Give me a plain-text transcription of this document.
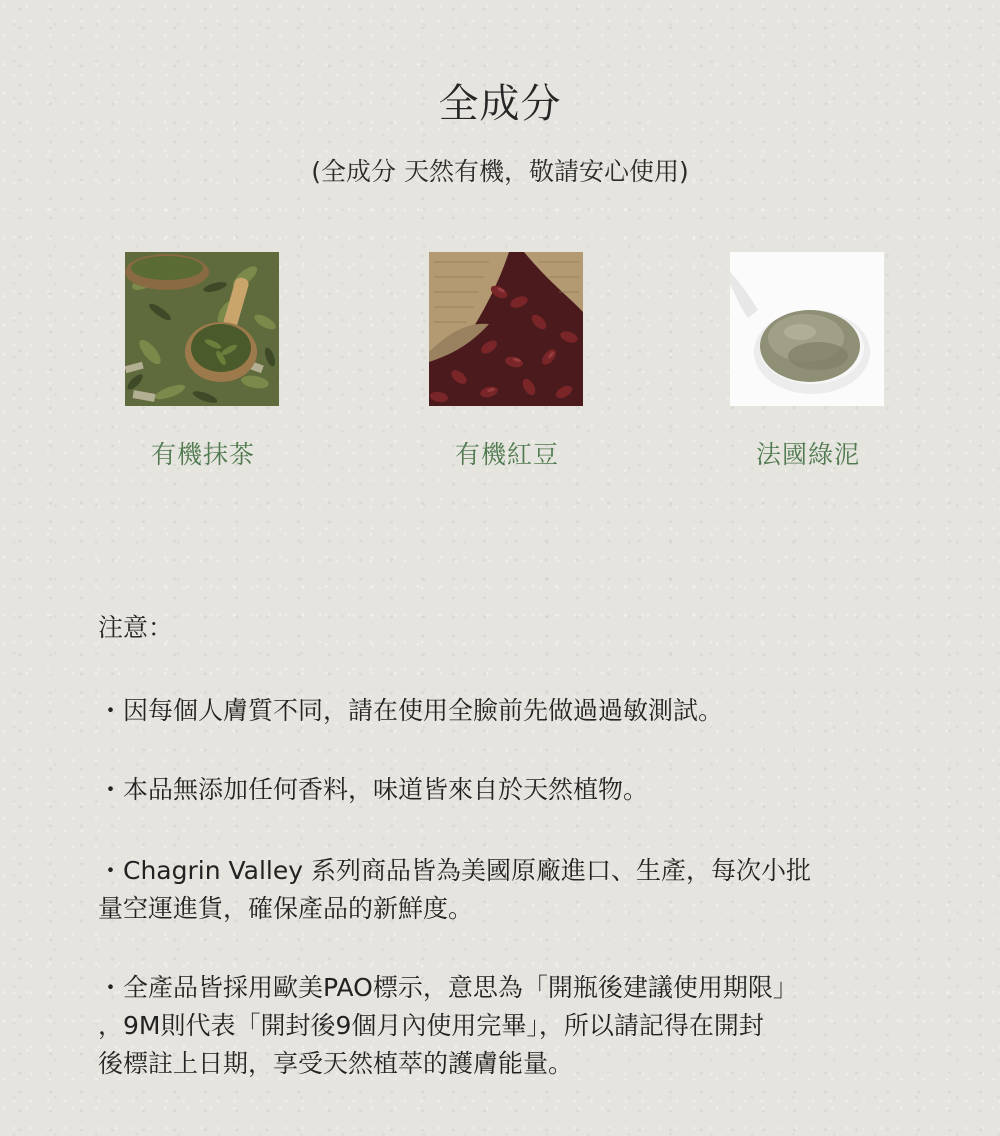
全成分
(全成分 天然有機，敬請安心使用)
有機抹茶	有機紅豆	法國綠泥
注意：
・因每個人膚質不同，請在使用全臉前先做過過敏測試。
・本品無添加任何香料，味道皆來自於天然植物。
・Chagrin Valley 系列商品皆為美國原廠進口、生產，每次小批
量空運進貨，確保產品的新鮮度。
・全產品皆採用歐美PAO標示，意思為「開瓶後建議使用期限」
，9M則代表「開封後9個月內使用完畢」，所以請記得在開封
後標註上日期，享受天然植萃的護膚能量。
